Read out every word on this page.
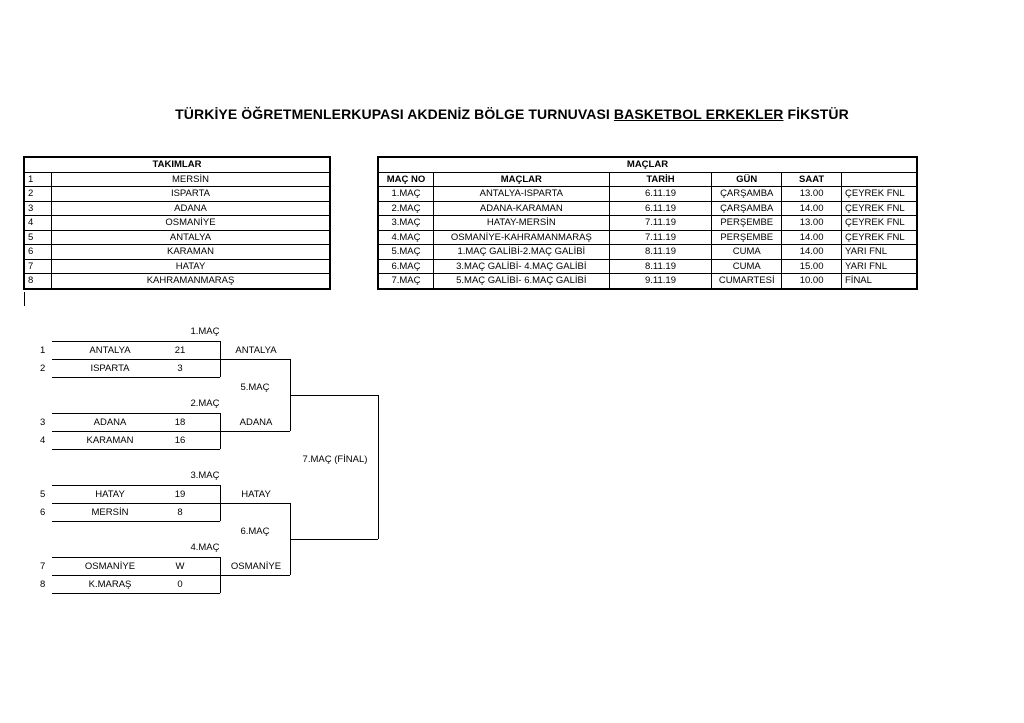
TÜRKİYE ÖĞRETMENLERKUPASI AKDENİZ BÖLGE TURNUVASI BASKETBOL ERKEKLER FİKSTÜR
TAKIMLAR	
1	MERSİN
2	ISPARTA
3	ADANA
4	OSMANİYE
5	ANTALYA
6	KARAMAN
7	HATAY
8	KAHRAMANMARAŞ
MAÇLAR					
MAÇ NO	MAÇLAR	TARİH	GÜN	SAAT	
1.MAÇ	ANTALYA-ISPARTA	6.11.19	ÇARŞAMBA	13.00	ÇEYREK FNL
2.MAÇ	ADANA-KARAMAN	6.11.19	ÇARŞAMBA	14.00	ÇEYREK FNL
3.MAÇ	HATAY-MERSİN	7.11.19	PERŞEMBE	13.00	ÇEYREK FNL
4.MAÇ	OSMANİYE-KAHRAMANMARAŞ	7.11.19	PERŞEMBE	14.00	ÇEYREK FNL
5.MAÇ	1.MAÇ GALİBİ-2.MAÇ GALİBİ	8.11.19	CUMA	14.00	YARI FNL
6.MAÇ	3.MAÇ GALİBİ- 4.MAÇ GALİBİ	8.11.19	CUMA	15.00	YARI FNL
7.MAÇ	5.MAÇ GALİBİ- 6.MAÇ GALİBİ	9.11.19	CUMARTESİ	10.00	FİNAL
1.MAÇ
1	ANTALYA	21
2	ISPARTA	3
ANTALYA
2.MAÇ
3	ADANA	18
4	KARAMAN	16
ADANA
3.MAÇ
5	HATAY	19
6	MERSİN	8
HATAY
4.MAÇ
7	OSMANİYE	W
8	K.MARAŞ	0
OSMANİYE
5.MAÇ
6.MAÇ
7.MAÇ (FİNAL)
